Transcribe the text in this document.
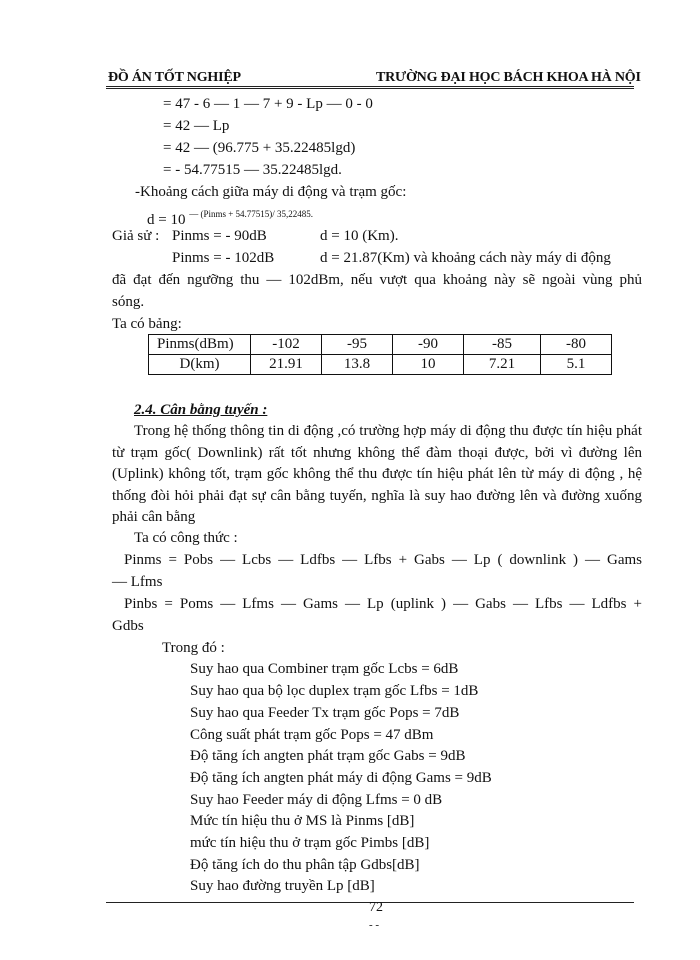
ĐỒ ÁN TỐT NGHIỆP	TRƯỜNG ĐẠI HỌC BÁCH KHOA HÀ NỘI
= 47 - 6 — 1 — 7 + 9 - Lp — 0 - 0
= 42 — Lp
= 42 — (96.775 + 35.22485lgd)
= - 54.77515 — 35.22485lgd.
-Khoảng cách giữa máy di động và trạm gốc:
d = 10 $^{— (Pinms + 54.77515)/ 35,22485.}$
Giả sử : Pinms = - 90dB	d = 10 (Km).
Pinms = - 102dB	d = 21.87(Km) và khoảng cách này máy di động
đã đạt đến ngưỡng thu — 102dBm, nếu vượt qua khoảng này sẽ ngoài vùng phủ
sóng.
Ta có bảng:
Pinms(dBm)	-102	-95	-90	-85	-80
D(km)	21.91	13.8	10	7.21	5.1
2.4. Cân bằng tuyến :
Trong hệ thống thông tin di động ,có trường hợp máy di động thu được tín hiệu phát từ trạm gốc( Downlink) rất tốt nhưng không thể đàm thoại được, bởi vì đường lên (Uplink) không tốt, trạm gốc không thể thu được tín hiệu phát lên từ máy di động , hệ thống đòi hỏi phải đạt sự cân bằng tuyến, nghĩa là suy hao đường lên và đường xuống phải cân bằng
Ta có công thức :
Pinms = Pobs — Lcbs — Ldfbs — Lfbs + Gabs — Lp ( downlink ) — Gams
— Lfms
Pinbs = Poms — Lfms — Gams — Lp (uplink ) — Gabs — Lfbs — Ldfbs +
Gdbs
Trong đó :
Suy hao qua Combiner trạm gốc Lcbs = 6dB
Suy hao qua bộ lọc duplex trạm gốc Lfbs = 1dB
Suy hao qua Feeder Tx trạm gốc Pops = 7dB
Công suất phát trạm gốc Pops = 47 dBm
Độ tăng ích angten phát trạm gốc Gabs = 9dB
Độ tăng ích angten phát máy di động Gams = 9dB
Suy hao Feeder máy di động Lfms = 0 dB
Mức tín hiệu thu ở MS là Pinms [dB]
mức tín hiệu thu ở trạm gốc Pimbs [dB]
Độ tăng ích do thu phân tập Gdbs[dB]
Suy hao đường truyền Lp [dB]
72
- -
